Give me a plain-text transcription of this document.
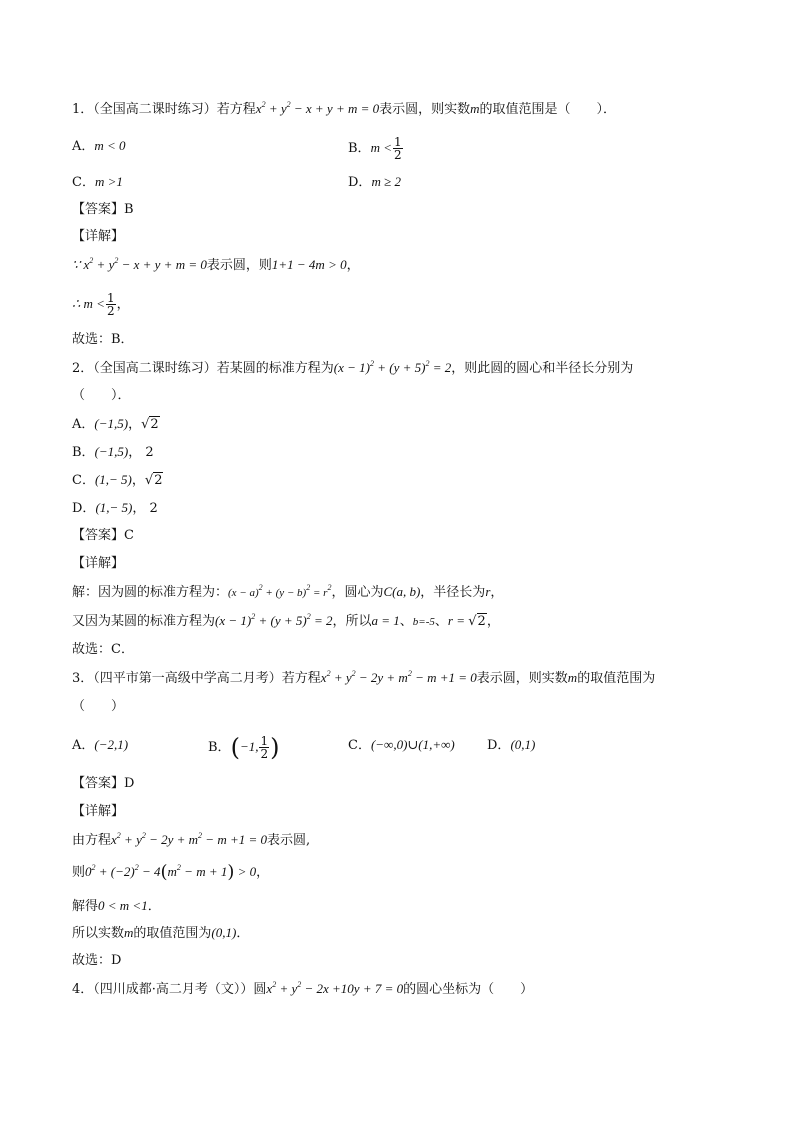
1．（全国高二课时练习）若方程$x^2 + y^2 - x + y + m = 0$表示圆，则实数m的取值范围是（　　）．
A．m < 0	B．$m < \frac{1}{2}$
C．m >1	D．m ≥ 2
【答案】B
【详解】
∵ $x^2 + y^2 - x + y + m = 0$表示圆，则1+1 − 4m > 0，
∴ $m < \frac{1}{2}$ ，
故选：B．
2．（全国高二课时练习）若某圆的标准方程为$(x - 1)^2 + (y + 5)^2 = 2$，则此圆的圆心和半径长分别为
（　　）．
A．(−1,5)，√2
B．(−1,5)， 2
C．(1,− 5)，√2
D．(1,− 5)， 2
【答案】C
【详解】
解：因为圆的标准方程为：$(x - a)^2 + (y - b)^2 = r^2$，圆心为C(a, b)，半径长为r，
又因为某圆的标准方程为$(x - 1)^2 + (y + 5)^2 = 2$，所以a = 1、b=-5、r = √2，
故选：C．
3．（四平市第一高级中学高二月考）若方程$x^2 + y^2 - 2y + m^2 - m +1 = 0$表示圆，则实数m的取值范围为
（　　）
A．(−2,1)	B．(−1, $\frac{1}{2}$ )	C．(−∞,0)∪(1,+∞) D．(0,1)
【答案】D
【详解】
由方程$x^2 + y^2 - 2y + m^2 - m +1 = 0$表示圆,
则$0^2 + (-2)^2 - 4(m^2 - m + 1) > 0$，
解得0 < m <1．
所以实数m的取值范围为(0,1)．
故选：D
4．（四川成都·高二月考（文））圆$x^2 + y^2 - 2x +10y + 7 = 0$的圆心坐标为（　　）
